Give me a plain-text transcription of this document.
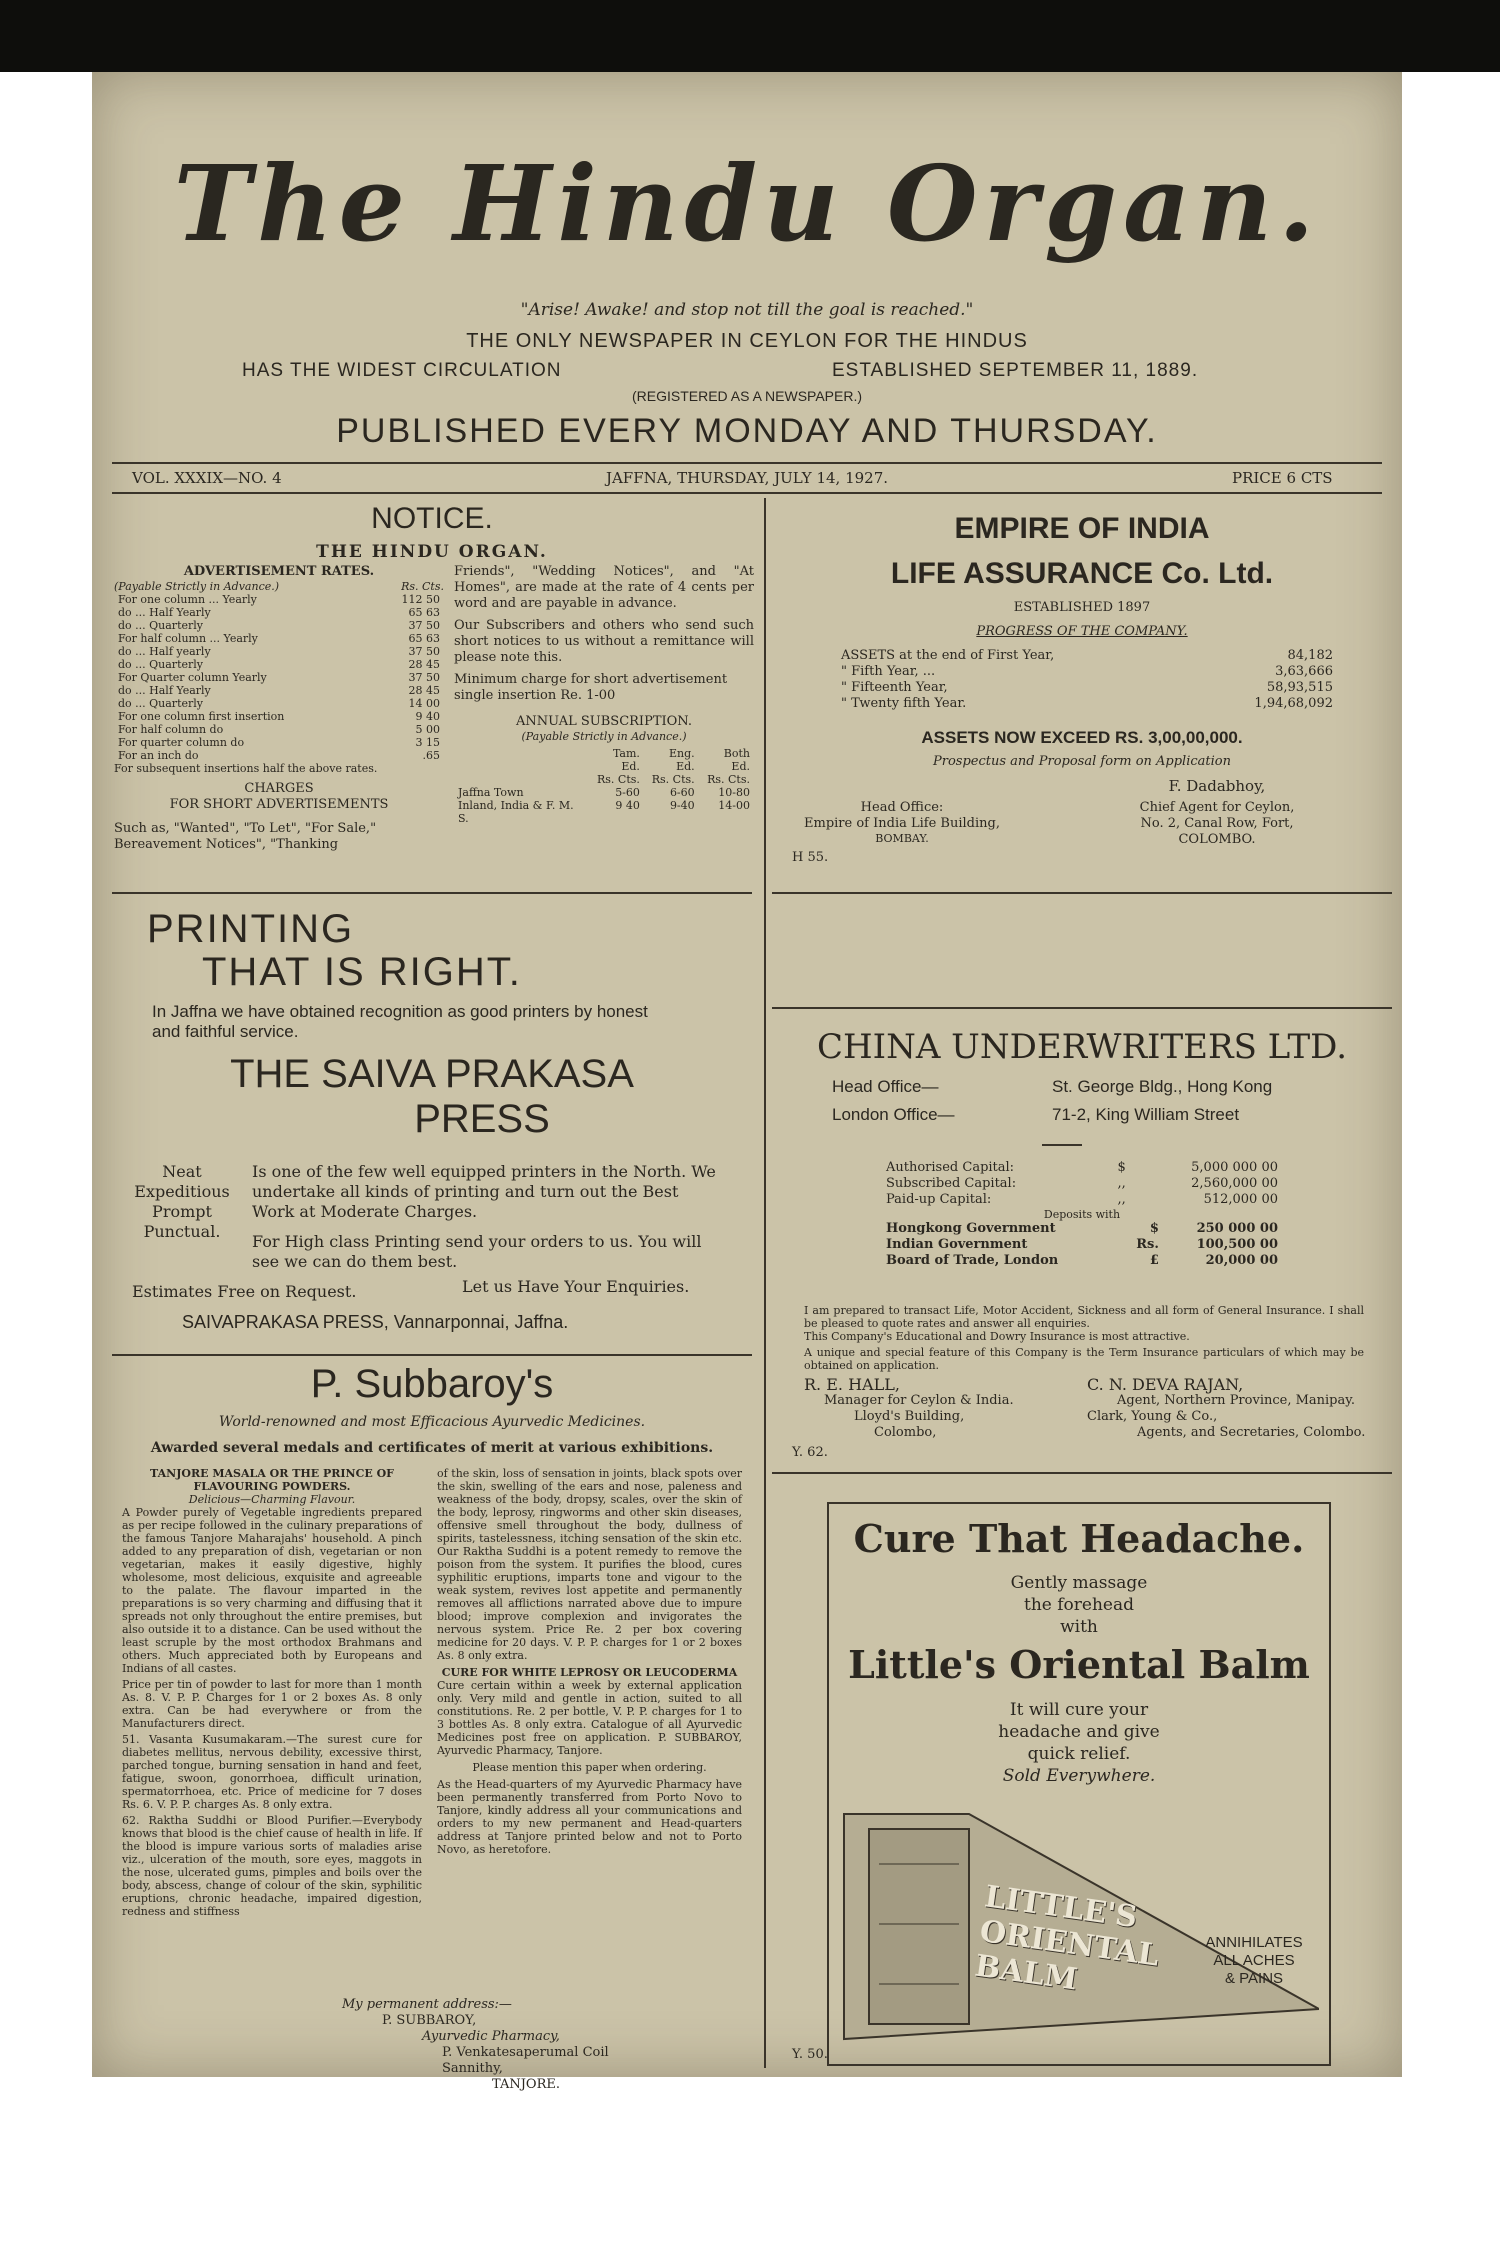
The Hindu Organ.
"Arise! Awake! and stop not till the goal is reached."
THE ONLY NEWSPAPER IN CEYLON FOR THE HINDUS
HAS THE WIDEST CIRCULATION	ESTABLISHED SEPTEMBER 11, 1889.
(REGISTERED AS A NEWSPAPER.)
PUBLISHED EVERY MONDAY AND THURSDAY.
VOL. XXXIX—NO. 4	JAFFNA, THURSDAY, JULY 14, 1927.	PRICE 6 CTS
NOTICE.
THE HINDU ORGAN.
ADVERTISEMENT RATES.
(Payable Strictly in Advance.)	Rs. Cts.
For one column ... Yearly	112 50
do ... Half Yearly	65 63
do ... Quarterly	37 50
For half column ... Yearly	65 63
do ... Half yearly	37 50
do ... Quarterly	28 45
For Quarter column Yearly	37 50
do ... Half Yearly	28 45
do ... Quarterly	14 00
For one column first insertion	9 40
For half column do	5 00
For quarter column do	3 15
For an inch do	.65
For subsequent insertions half the above rates.
CHARGES
FOR SHORT ADVERTISEMENTS
Such as, "Wanted", "To Let", "For Sale," Bereavement Notices", "Thanking
Friends", "Wedding Notices", and "At Homes", are made at the rate of 4 cents per word and are payable in advance.
Our Subscribers and others who send such short notices to us without a remittance will please note this.
Minimum charge for short advertisement single insertion Re. 1-00
ANNUAL SUBSCRIPTION.
(Payable Strictly in Advance.)
	Tam. Ed.	Eng. Ed.	Both Ed.
	Rs. Cts.	Rs. Cts.	Rs. Cts.
Jaffna Town	5-60	6-60	10-80
Inland, India & F. M. S.	9 40	9-40	14-00
EMPIRE OF INDIA
LIFE ASSURANCE Co. Ltd.
ESTABLISHED 1897
PROGRESS OF THE COMPANY.
ASSETS at the end of First Year,	84,182
" Fifth Year, ...	3,63,666
" Fifteenth Year,	58,93,515
" Twenty fifth Year.	1,94,68,092
ASSETS NOW EXCEED RS. 3,00,00,000.
Prospectus and Proposal form on Application
F. Dadabhoy,
Head Office:
Empire of India Life Building,
BOMBAY.
Chief Agent for Ceylon,
No. 2, Canal Row, Fort,
COLOMBO.
H 55.
PRINTING
THAT IS RIGHT.
In Jaffna we have obtained recognition as good printers by honest and faithful service.
THE SAIVA PRAKASA
PRESS
Neat
Expeditious
Prompt
Punctual.
Is one of the few well equipped printers in the North. We undertake all kinds of printing and turn out the Best Work at Moderate Charges.
For High class Printing send your orders to us. You will see we can do them best.
Estimates Free on Request.	Let us Have Your Enquiries.
SAIVAPRAKASA PRESS, Vannarponnai, Jaffna.
P. Subbaroy's
World-renowned and most Efficacious Ayurvedic Medicines.
Awarded several medals and certificates of merit at various exhibitions.
TANJORE MASALA OR THE PRINCE OF FLAVOURING POWDERS.
Delicious—Charming Flavour.
A Powder purely of Vegetable ingredients prepared as per recipe followed in the culinary preparations of the famous Tanjore Maharajahs' household. A pinch added to any preparation of dish, vegetarian or non vegetarian, makes it easily digestive, highly wholesome, most delicious, exquisite and agreeable to the palate. The flavour imparted in the preparations is so very charming and diffusing that it spreads not only throughout the entire premises, but also outside it to a distance. Can be used without the least scruple by the most orthodox Brahmans and others. Much appreciated both by Europeans and Indians of all castes.
Price per tin of powder to last for more than 1 month As. 8. V. P. P. Charges for 1 or 2 boxes As. 8 only extra. Can be had everywhere or from the Manufacturers direct.
51. Vasanta Kusumakaram.—The surest cure for diabetes mellitus, nervous debility, excessive thirst, parched tongue, burning sensation in hand and feet, fatigue, swoon, gonorrhoea, difficult urination, spermatorrhoea, etc. Price of medicine for 7 doses Rs. 6. V. P. P. charges As. 8 only extra.
62. Raktha Suddhi or Blood Purifier.—Everybody knows that blood is the chief cause of health in life. If the blood is impure various sorts of maladies arise viz., ulceration of the mouth, sore eyes, maggots in the nose, ulcerated gums, pimples and boils over the body, abscess, change of colour of the skin, syphilitic eruptions, chronic headache, impaired digestion, redness and stiffness
of the skin, loss of sensation in joints, black spots over the skin, swelling of the ears and nose, paleness and weakness of the body, dropsy, scales, over the skin of the body, leprosy, ringworms and other skin diseases, offensive smell throughout the body, dullness of spirits, tastelessness, itching sensation of the skin etc. Our Raktha Suddhi is a potent remedy to remove the poison from the system. It purifies the blood, cures syphilitic eruptions, imparts tone and vigour to the weak system, revives lost appetite and permanently removes all afflictions narrated above due to impure blood; improve complexion and invigorates the nervous system. Price Re. 2 per box covering medicine for 20 days. V. P. P. charges for 1 or 2 boxes As. 8 only extra.
CURE FOR WHITE LEPROSY OR LEUCODERMA
Cure certain within a week by external application only. Very mild and gentle in action, suited to all constitutions. Re. 2 per bottle, V. P. P. charges for 1 to 3 bottles As. 8 only extra. Catalogue of all Ayurvedic Medicines post free on application. P. SUBBAROY, Ayurvedic Pharmacy, Tanjore.
Please mention this paper when ordering.
As the Head-quarters of my Ayurvedic Pharmacy have been permanently transferred from Porto Novo to Tanjore, kindly address all your communications and orders to my new permanent and Head-quarters address at Tanjore printed below and not to Porto Novo, as heretofore.
My permanent address:—
P. SUBBAROY,
Ayurvedic Pharmacy,
P. Venkatesaperumal Coil Sannithy,
TANJORE.
CHINA UNDERWRITERS LTD.
Head Office—	St. George Bldg., Hong Kong
London Office—	71-2, King William Street
Authorised Capital:	$	5,000 000 00
Subscribed Capital:	,,	2,560,000 00
Paid-up Capital:	,,	512,000 00
Deposits with
Hongkong Government	$	250 000 00
Indian Government	Rs.	100,500 00
Board of Trade, London	£	20,000 00
I am prepared to transact Life, Motor Accident, Sickness and all form of General Insurance. I shall be pleased to quote rates and answer all enquiries.
This Company's Educational and Dowry Insurance is most attractive.
A unique and special feature of this Company is the Term Insurance particulars of which may be obtained on application.
R. E. HALL,
Manager for Ceylon & India.
Lloyd's Building,
Colombo,
C. N. DEVA RAJAN,
Agent, Northern Province, Manipay.
Clark, Young & Co.,
Agents, and Secretaries, Colombo.
Y. 62.
Cure That Headache.
Gently massage
the forehead
with
Little's Oriental Balm
It will cure your
headache and give
quick relief.
Sold Everywhere.
LITTLE'S ORIENTAL BALM
ANNIHILATES
ALL ACHES
& PAINS
Y. 50.
